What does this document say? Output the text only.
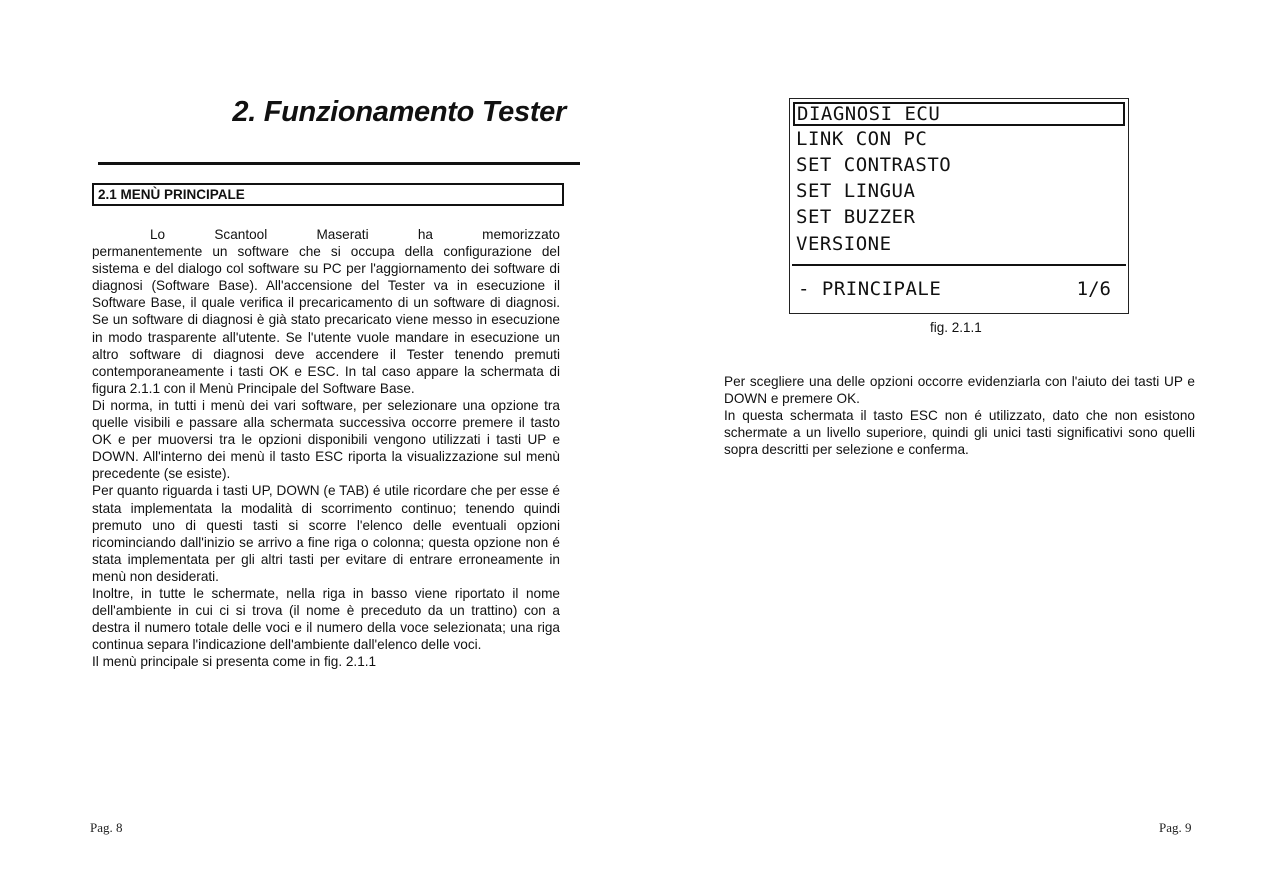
2. Funzionamento Tester
2.1 MENÙ PRINCIPALE
Lo	Scantool	Maserati	ha	memorizzato

permanentemente un software che si occupa della configurazione del sistema e del dialogo col software su PC per l'aggiornamento dei software di diagnosi (Software Base). All'accensione del Tester va in esecuzione il Software Base, il quale verifica il precaricamento di un software di diagnosi. Se un software di diagnosi è già stato precaricato viene messo in esecuzione in modo trasparente all'utente. Se l'utente vuole mandare in esecuzione un altro software di diagnosi deve accendere il Tester tenendo premuti contemporaneamente i tasti OK e ESC. In tal caso appare la schermata di figura 2.1.1 con il Menù Principale del Software Base.

Di norma, in tutti i menù dei vari software, per selezionare una opzione tra quelle visibili e passare alla schermata successiva occorre premere il tasto OK e per muoversi tra le opzioni disponibili vengono utilizzati i tasti UP e DOWN. All'interno dei menù il tasto ESC riporta la visualizzazione sul menù precedente (se esiste).

Per quanto riguarda i tasti UP, DOWN (e TAB) é utile ricordare che per esse é stata implementata la modalità di scorrimento continuo; tenendo quindi premuto uno di questi tasti si scorre l'elenco delle eventuali opzioni ricominciando dall'inizio se arrivo a fine riga o colonna; questa opzione non é stata implementata per gli altri tasti per evitare di entrare erroneamente in menù non desiderati.

Inoltre, in tutte le schermate, nella riga in basso viene riportato il nome dell'ambiente in cui ci si trova (il nome è preceduto da un trattino) con a destra il numero totale delle voci e il numero della voce selezionata; una riga continua separa l'indicazione dell'ambiente dall'elenco delle voci.

Il menù principale si presenta come in fig. 2.1.1

Pag. 8
DIAGNOSI ECU
LINK CON PC
SET CONTRASTO
SET LINGUA
SET BUZZER
VERSIONE
- PRINCIPALE	1/6
fig. 2.1.1

Per scegliere una delle opzioni occorre evidenziarla con l'aiuto dei tasti UP e DOWN e premere OK.

In questa schermata il tasto ESC non é utilizzato, dato che non esistono schermate a un livello superiore, quindi gli unici tasti significativi sono quelli sopra descritti per selezione e conferma.

Pag. 9
